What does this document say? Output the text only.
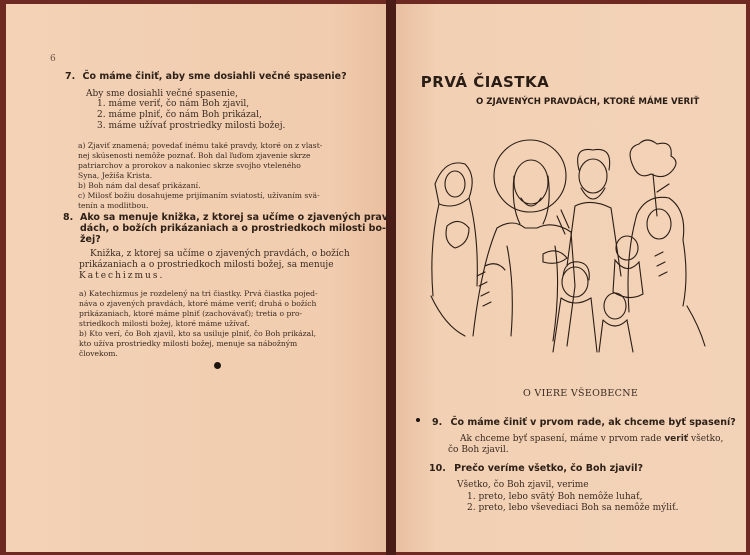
6
7. Čo máme činiť, aby sme dosiahli večné spasenie?
Aby sme dosiahli večné spasenie,
1. máme veriť, čo nám Boh zjavil,
2. máme plniť, čo nám Boh prikázal,
3. máme užívať prostriedky milosti božej.
a) Zjaviť znamená; povedať inému také pravdy, ktoré on z vlast-
nej skúsenosti nemôže poznať. Boh dal ľuďom zjavenie skrze
patriarchov a prorokov a nakoniec skrze svojho vteleného
Syna, Ježiša Krista.
b) Boh nám dal desať prikázaní.
c) Milosť božiu dosahujeme prijímaním sviatostí, užívaním svä-
tenín a modlitbou.
8. Ako sa menuje knižka, z ktorej sa učíme o zjavených prav-
dách, o božích prikázaniach a o prostriedkoch milosti bo-
žej?
Knižka, z ktorej sa učíme o zjavených pravdách, o božích
prikázaniach a o prostriedkoch milosti božej, sa menuje
Katechizmus.
a) Katechizmus je rozdelený na tri čiastky. Prvá čiastka pojed-
náva o zjavených pravdách, ktoré máme veriť; druhá o božích
prikázaniach, ktoré máme plniť (zachovávať); tretia o pro-
striedkoch milosti božej, ktoré máme užívať.
b) Kto verí, čo Boh zjavil, kto sa usiluje plniť, čo Boh prikázal,
kto užíva prostriedky milosti božej, menuje sa nábožným
človekom.
PRVÁ ČIASTKA
O ZJAVENÝCH PRAVDÁCH, KTORÉ MÁME VERIŤ
O VIERE VŠEOBECNE
9. Čo máme činiť v prvom rade, ak chceme byť spasení?
Ak chceme byť spasení, máme v prvom rade veriť všetko,
čo Boh zjavil.
10. Prečo veríme všetko, čo Boh zjavil?
Všetko, čo Boh zjavil, verime
1. preto, lebo svätý Boh nemôže luhať,
2. preto, lebo vševediaci Boh sa nemôže mýliť.
